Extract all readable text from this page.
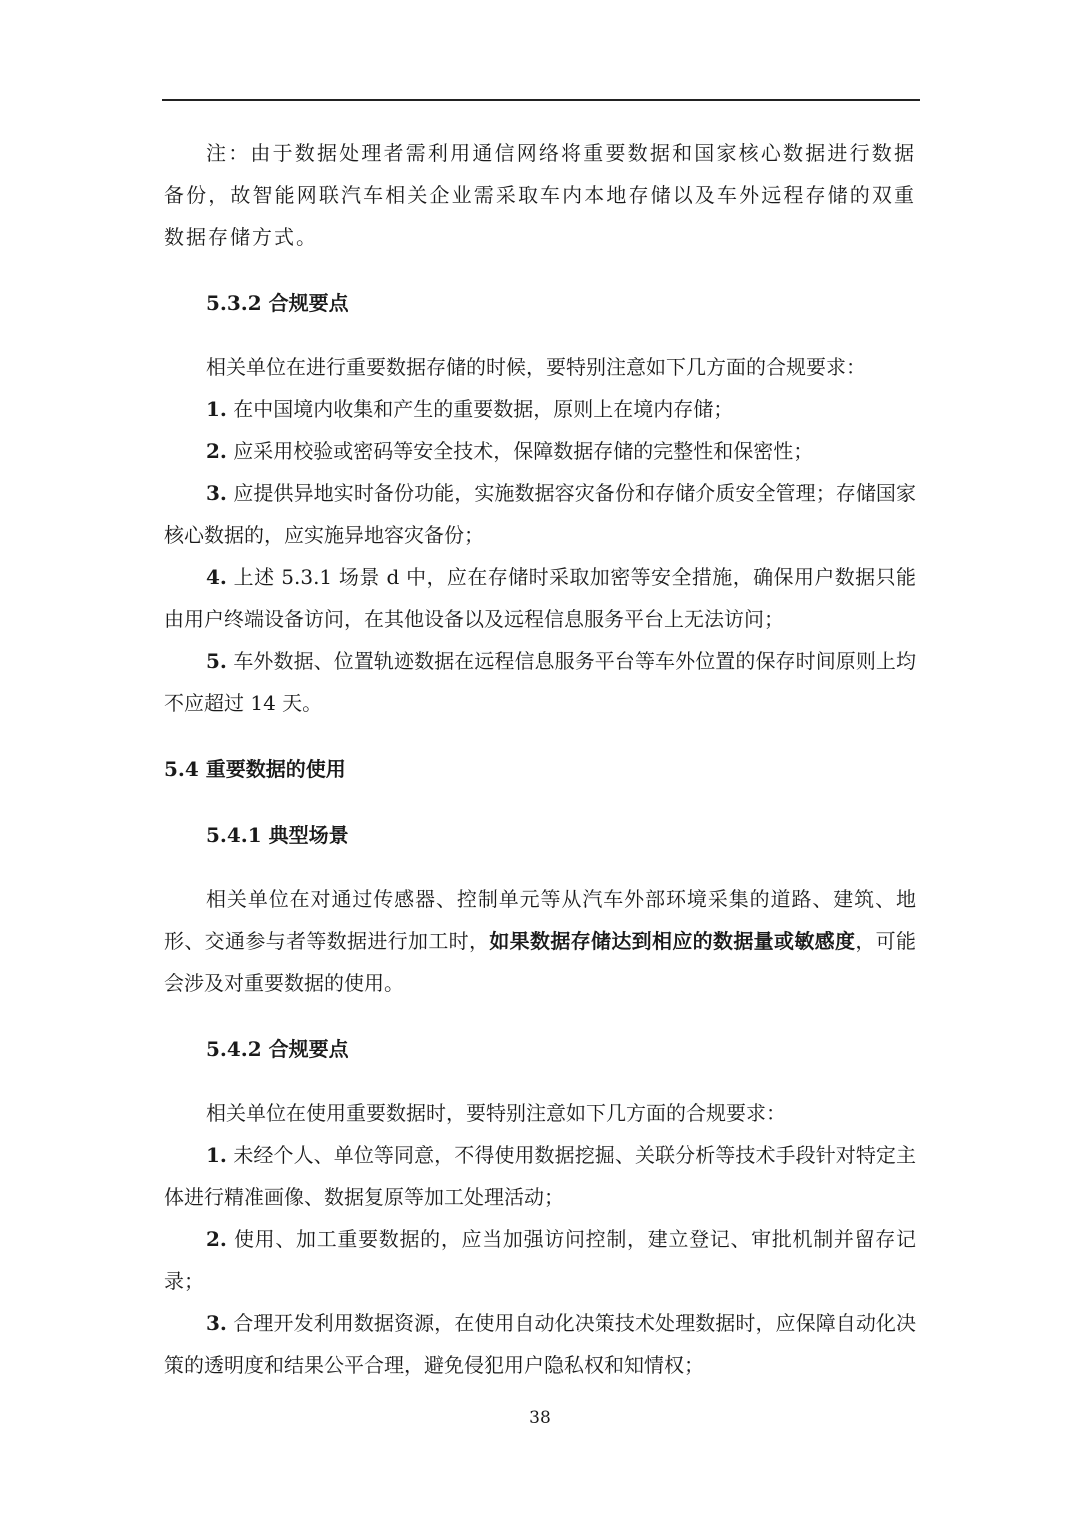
注：由于数据处理者需利用通信网络将重要数据和国家核心数据进行数据备份，故智能网联汽车相关企业需采取车内本地存储以及车外远程存储的双重数据存储方式。

5.3.2 合规要点

相关单位在进行重要数据存储的时候，要特别注意如下几方面的合规要求：

1. 在中国境内收集和产生的重要数据，原则上在境内存储；

2. 应采用校验或密码等安全技术，保障数据存储的完整性和保密性；

3. 应提供异地实时备份功能，实施数据容灾备份和存储介质安全管理；存储国家核心数据的，应实施异地容灾备份；

4. 上述 5.3.1 场景 d 中，应在存储时采取加密等安全措施，确保用户数据只能由用户终端设备访问，在其他设备以及远程信息服务平台上无法访问；

5. 车外数据、位置轨迹数据在远程信息服务平台等车外位置的保存时间原则上均不应超过 14 天。

5.4 重要数据的使用
5.4.1 典型场景

相关单位在对通过传感器、控制单元等从汽车外部环境采集的道路、建筑、地形、交通参与者等数据进行加工时，如果数据存储达到相应的数据量或敏感度，可能会涉及对重要数据的使用。

5.4.2 合规要点

相关单位在使用重要数据时，要特别注意如下几方面的合规要求：

1. 未经个人、单位等同意，不得使用数据挖掘、关联分析等技术手段针对特定主体进行精准画像、数据复原等加工处理活动；

2. 使用、加工重要数据的，应当加强访问控制，建立登记、审批机制并留存记录；

3. 合理开发利用数据资源，在使用自动化决策技术处理数据时，应保障自动化决策的透明度和结果公平合理，避免侵犯用户隐私权和知情权；

38
